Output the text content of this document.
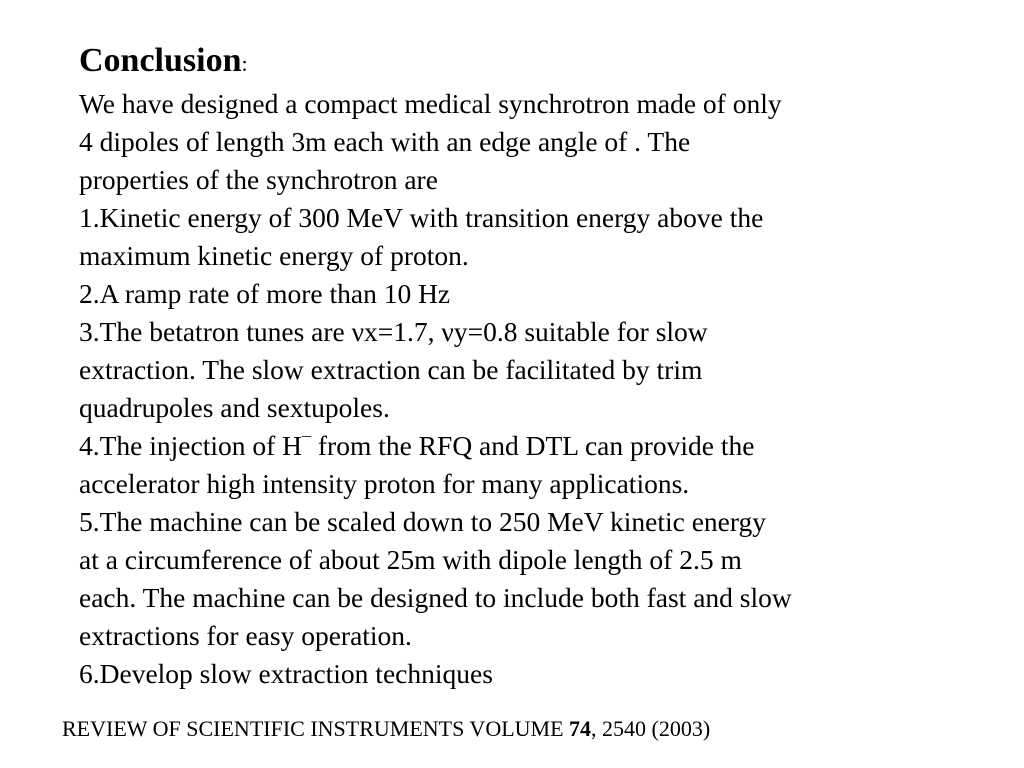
Conclusion:

We have designed a compact medical synchrotron made of only

4 dipoles of length 3m each with an edge angle of . The

properties of the synchrotron are

1.Kinetic energy of 300 MeV with transition energy above the

maximum kinetic energy of proton.

2.A ramp rate of more than 10 Hz

3.The betatron tunes are νx=1.7, νy=0.8 suitable for slow

extraction. The slow extraction can be facilitated by trim

quadrupoles and sextupoles.

4.The injection of H¯ from the RFQ and DTL can provide the

accelerator high intensity proton for many applications.

5.The machine can be scaled down to 250 MeV kinetic energy

at a circumference of about 25m with dipole length of 2.5 m

each. The machine can be designed to include both fast and slow

extractions for easy operation.

6.Develop slow extraction techniques

REVIEW OF SCIENTIFIC INSTRUMENTS VOLUME 74, 2540 (2003)
